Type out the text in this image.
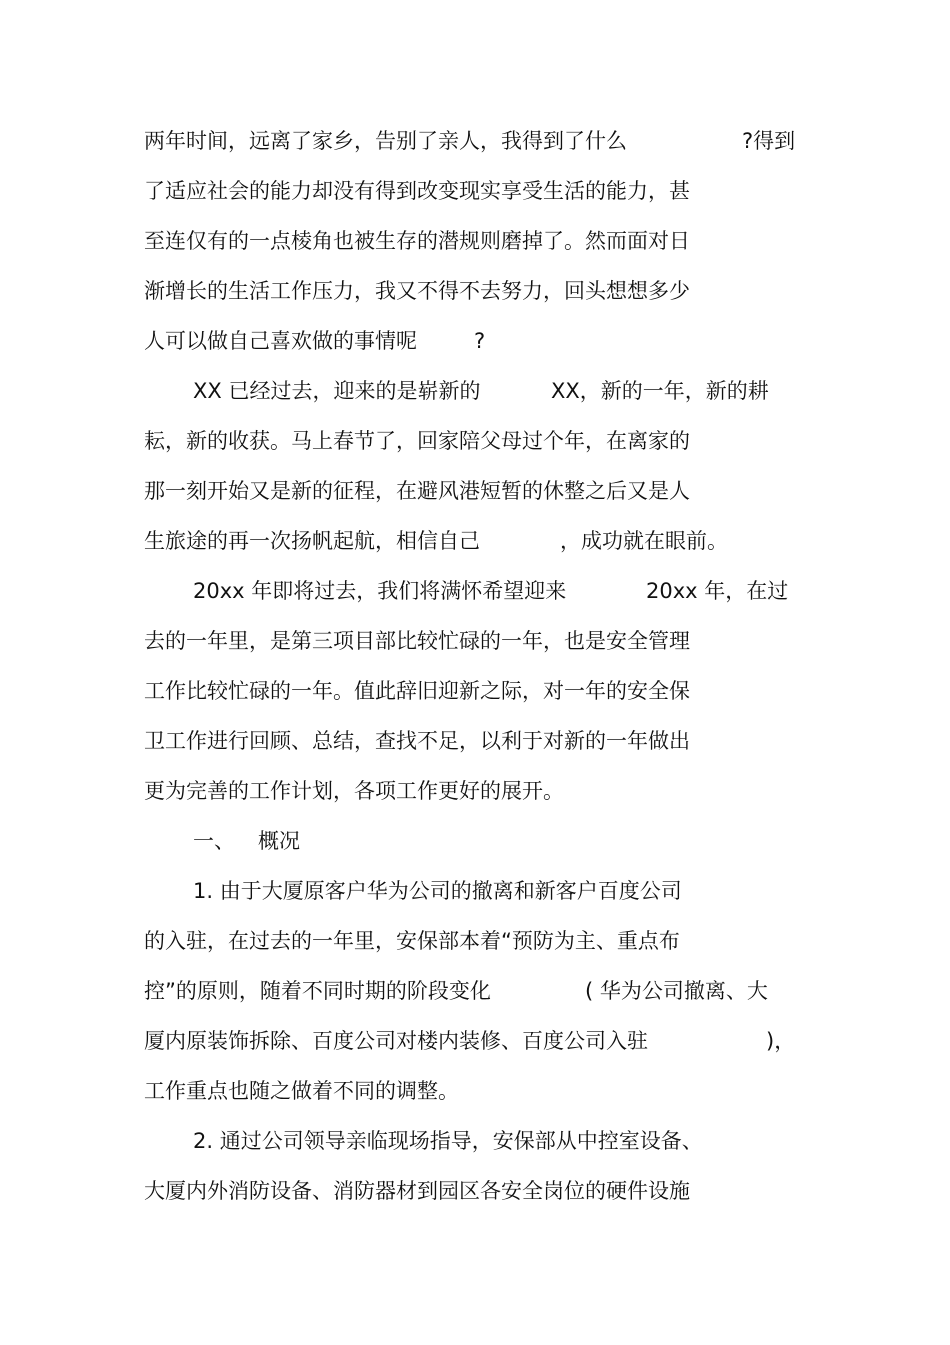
两年时间，远离了家乡，告别了亲人，我得到了什么	?得到
了适应社会的能力却没有得到改变现实享受生活的能力，甚
至连仅有的一点棱角也被生存的潜规则磨掉了。然而面对日
渐增长的生活工作压力，我又不得不去努力，回头想想多少
人可以做自己喜欢做的事情呢	?
XX 已经过去，迎来的是崭新的	XX，新的一年，新的耕
耘，新的收获。马上春节了，回家陪父母过个年，在离家的
那一刻开始又是新的征程，在避风港短暂的休整之后又是人
生旅途的再一次扬帆起航，相信自己	，成功就在眼前。
20xx 年即将过去，我们将满怀希望迎来	20xx 年，在过
去的一年里，是第三项目部比较忙碌的一年，也是安全管理
工作比较忙碌的一年。值此辞旧迎新之际，对一年的安全保
卫工作进行回顾、总结，查找不足，以利于对新的一年做出
更为完善的工作计划，各项工作更好的展开。
一、 概况
1. 由于大厦原客户华为公司的撤离和新客户百度公司
的入驻，在过去的一年里，安保部本着“预防为主、重点布
控”的原则，随着不同时期的阶段变化	( 华为公司撤离、大
厦内原装饰拆除、百度公司对楼内装修、百度公司入驻	)，
工作重点也随之做着不同的调整。
2. 通过公司领导亲临现场指导，安保部从中控室设备、
大厦内外消防设备、消防器材到园区各安全岗位的硬件设施
